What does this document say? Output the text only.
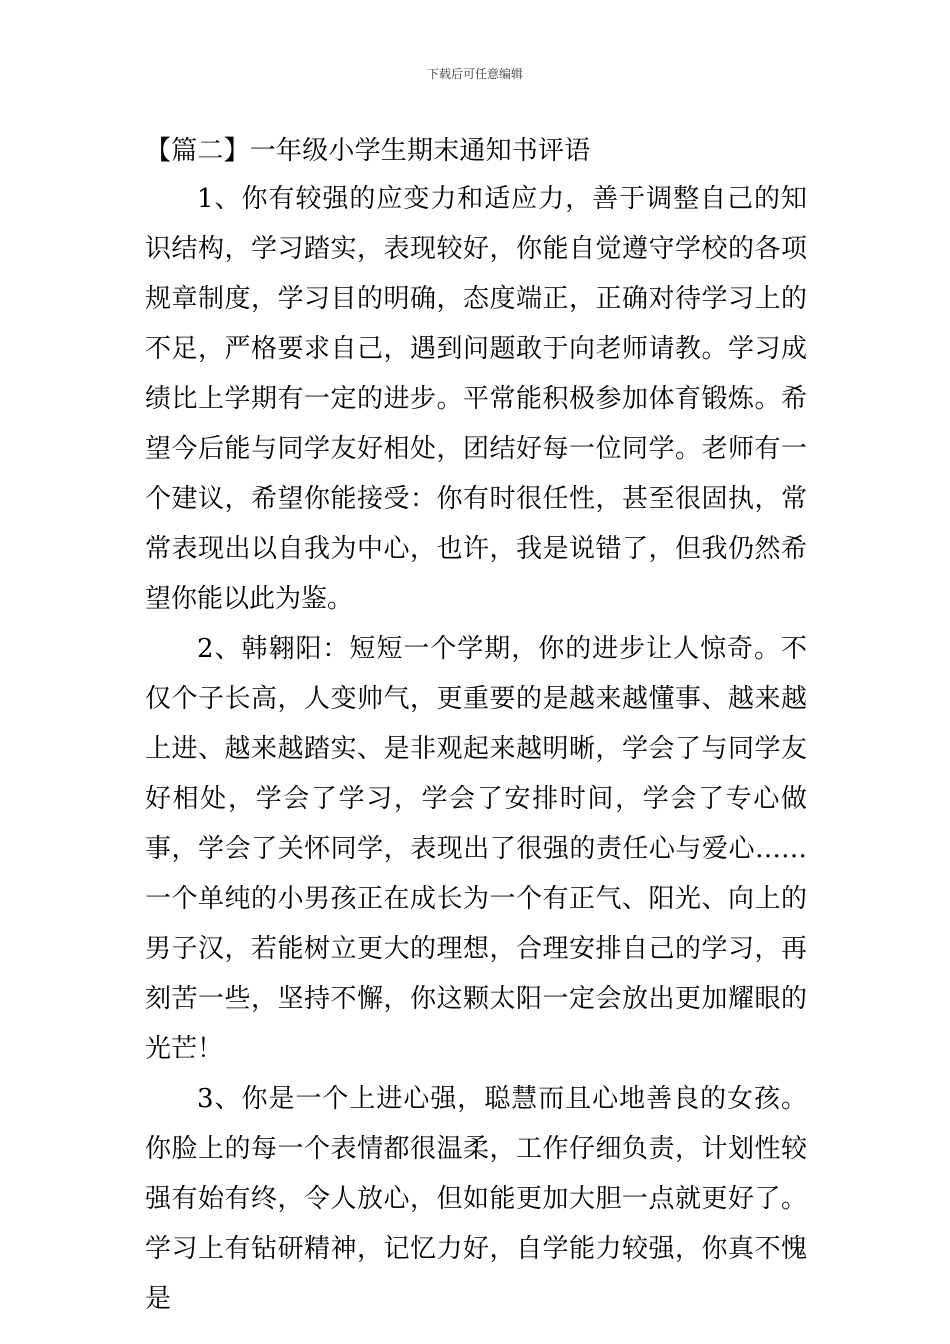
下载后可任意编辑
【篇二】一年级小学生期末通知书评语

1、你有较强的应变力和适应力，善于调整自己的知识结构，学习踏实，表现较好，你能自觉遵守学校的各项规章制度，学习目的明确，态度端正，正确对待学习上的不足，严格要求自己，遇到问题敢于向老师请教。学习成绩比上学期有一定的进步。平常能积极参加体育锻炼。希望今后能与同学友好相处，团结好每一位同学。老师有一个建议，希望你能接受：你有时很任性，甚至很固执，常常表现出以自我为中心，也许，我是说错了，但我仍然希望你能以此为鉴。

2、韩翱阳：短短一个学期，你的进步让人惊奇。不仅个子长高，人变帅气，更重要的是越来越懂事、越来越上进、越来越踏实、是非观起来越明晰，学会了与同学友好相处，学会了学习，学会了安排时间，学会了专心做事，学会了关怀同学，表现出了很强的责任心与爱心……一个单纯的小男孩正在成长为一个有正气、阳光、向上的男子汉，若能树立更大的理想，合理安排自己的学习，再刻苦一些，坚持不懈，你这颗太阳一定会放出更加耀眼的光芒！

3、你是一个上进心强，聪慧而且心地善良的女孩。你脸上的每一个表情都很温柔，工作仔细负责，计划性较强有始有终，令人放心，但如能更加大胆一点就更好了。学习上有钻研精神，记忆力好，自学能力较强，你真不愧是
